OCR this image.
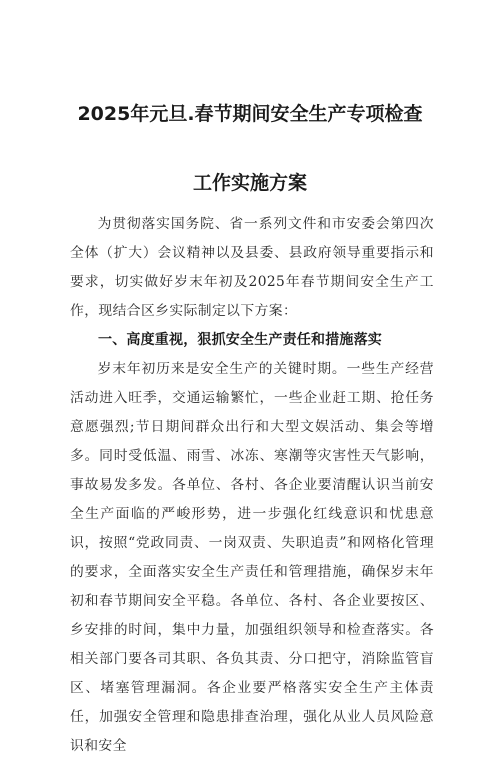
2025年元旦.春节期间安全生产专项检查
工作实施方案

为贯彻落实国务院、省一系列文件和市安委会第四次全体（扩大）会议精神以及县委、县政府领导重要指示和要求，切实做好岁末年初及2025年春节期间安全生产工作，现结合区乡实际制定以下方案：

一、高度重视，狠抓安全生产责任和措施落实

岁末年初历来是安全生产的关键时期。一些生产经营活动进入旺季，交通运输繁忙，一些企业赶工期、抢任务意愿强烈;节日期间群众出行和大型文娱活动、集会等增多。同时受低温、雨雪、冰冻、寒潮等灾害性天气影响，事故易发多发。各单位、各村、各企业要清醒认识当前安全生产面临的严峻形势，进一步强化红线意识和忧患意识，按照“党政同责、一岗双责、失职追责”和网格化管理的要求，全面落实安全生产责任和管理措施，确保岁末年初和春节期间安全平稳。各单位、各村、各企业要按区、乡安排的时间，集中力量，加强组织领导和检查落实。各相关部门要各司其职、各负其责、分口把守，消除监管盲区、堵塞管理漏洞。各企业要严格落实安全生产主体责任，加强安全管理和隐患排查治理，强化从业人员风险意识和安全
